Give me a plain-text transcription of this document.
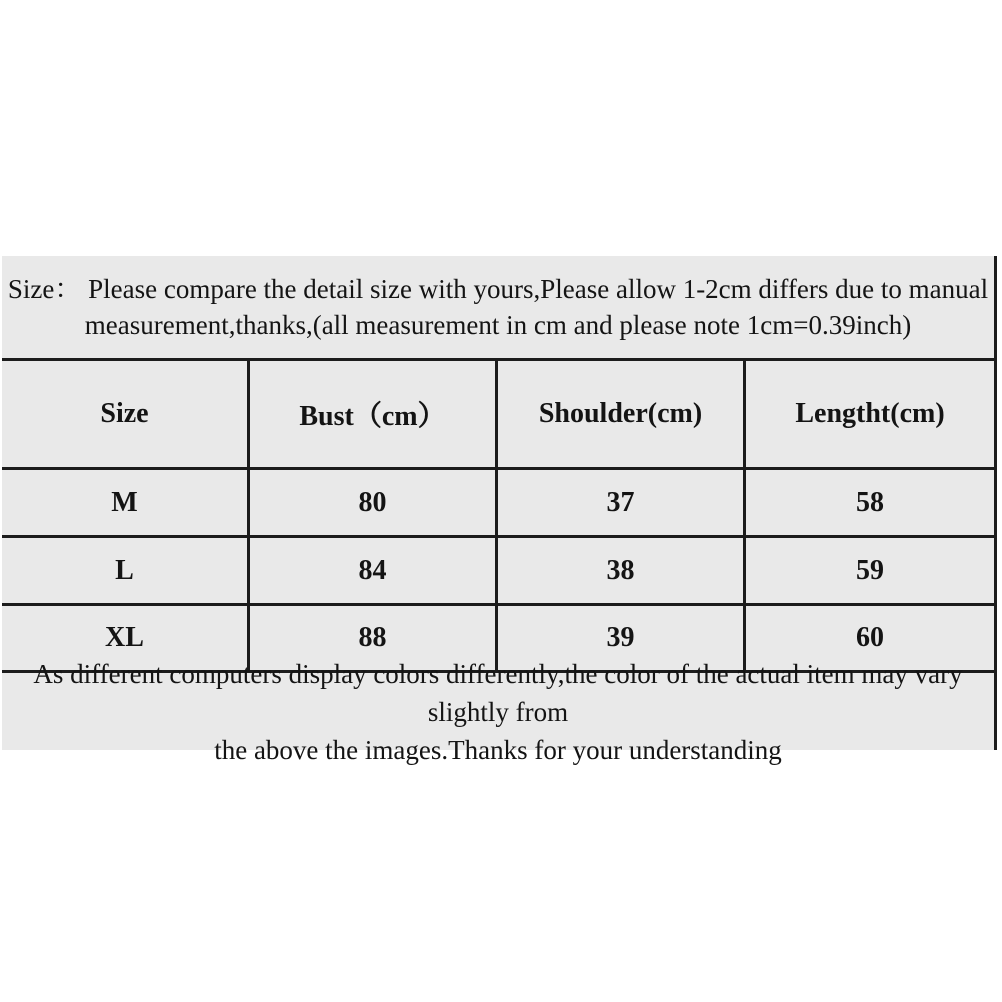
Size： Please compare the detail size with yours,Please allow 1-2cm differs due to manual
measurement,thanks,(all measurement in cm and please note 1cm=0.39inch)
Size	Bust（cm）	Shoulder(cm)	Lengtht(cm)
M	80	37	58
L	84	38	59
XL	88	39	60
As different computers display colors differently,the color of the actual item may vary slightly from
the above the images.Thanks for your understanding
